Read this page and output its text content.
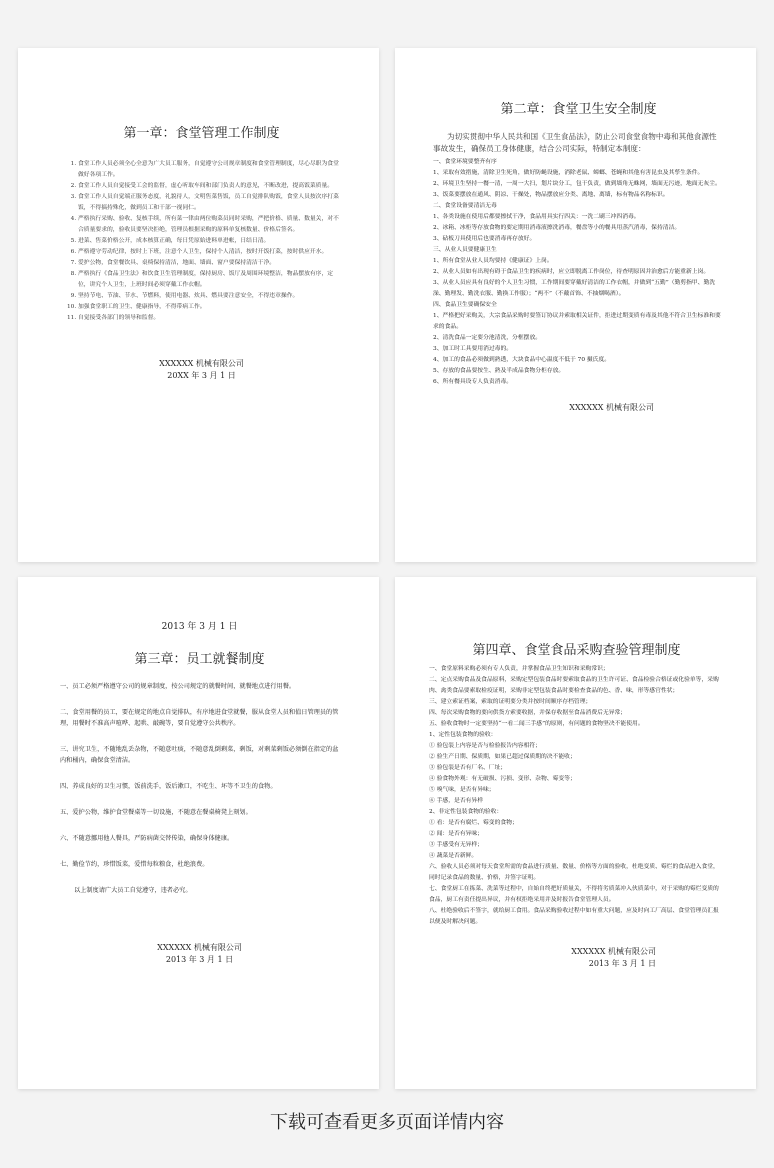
第一章：食堂管理工作制度
1. 食堂工作人员必须全心全意为广大员工服务，自觉遵守公司规章制度和食堂管理制度，尽心尽职为食堂做好各项工作。
2. 食堂工作人员自觉接受工会的监督，虚心听取车间和部门负责人的意见，不断改进，提高饭菜质量。
3. 食堂工作人员自觉端正服务态度，礼貌待人，文明售菜售饭，员工自觉排队购饭，食堂人员按次序打菜饭，不得搞持殊化，做到员工和干部一视同仁。
4. 严格执行采购、验收、复核手续，所有菜一律由两位购菜员同时采购，严把价格、质量、数量关，对不合质量要求的，验收员要坚决拒绝，管理员根据采购的原料单复核数量、价格后签名。
5. 进菜、售菜价格公开，成本核算正确，每日凭原始进料单进帐，日结日清。
6. 严格遵守劳动纪律，按时上下班，注意个人卫生，保持个人清洁，按时开饭打菜，按时供应开水。
7. 爱护公物，食堂餐饮具、桌椅保持清洁，地面、墙面、窗户要保持清洁干净。
8. 严格执行《食品卫生法》和饮食卫生管理制度，保持厨房、饭厅及周围环境整洁，物品摆放有序，定位，讲究个人卫生，上班时间必须穿戴工作衣帽。
9. 坚持节电、节油、节水、节燃料，使用电器、炊具、燃具要注意安全，不得违章操作。
10. 加强食堂职工的卫生、健康指导，不得带病工作。
11. 自觉接受各部门的领导和监督。
XXXXXX 机械有限公司
20XX 年 3 月 1 日
第二章：食堂卫生安全制度

为切实贯彻中华人民共和国《卫生食品法》，防止公司食堂食物中毒和其他食源性事故发生，确保员工身体健康，结合公司实际，特制定本制度：

一、食堂环境要整齐有序

1、采取有效措施，清除卫生死角，做好防蝇设施，消除老鼠、蟑螂、苍蝇和其他有害昆虫及其孳生条件。

2、环境卫生坚持一餐一清，一周一大扫，划片块分工，包干负责，做到墙角无蛛网，墙面无污迹，地面无灰尘。

3、饭菜要摆放在通风、阴凉、干燥处，物品摆放应分类、离地、离墙，标有物品名称标识。

二、食堂设备要清洁无毒

1、各类设施在使用后都要擦拭干净，食品用具实行四关：一洗二刷三冲四消毒。

2、冰箱、冰柜等存放食物的要定期用消毒液擦洗消毒，餐盘等小的餐具用蒸汽消毒，保持清洁。

3、砧板刀具使用后也要消毒再存放好。

三、从业人员要健康卫生

1、所有食堂从业人员均要持《健康证》上岗。

2、从业人员如有出现有碍于食品卫生的疾病时，应立即脱离工作岗位，待查明原因并治愈后方能重新上岗。

3、从业人员应具有良好的个人卫生习惯，工作期间要穿戴好清洁的工作衣帽，并做到“五勤”（勤剪指甲、勤洗澡、勤理发、勤洗衣服、勤换工作服）；“两不”（不戴首饰、不抽烟喝酒）。

四、食品卫生要确保安全

1、严格把好采购关，大宗食品采购时要签订协议并索取相关证件，拒进过期变质有毒及其他不符合卫生标准和要求的食品。

2、清洗食品一定要分池清洗，分框摆放。

3、加工时工具要用消过毒的。

4、加工的食品必须做到熟透，大块食品中心温度不低于 70 摄氏度。

5、存放的食品要按生、熟及半成品食物分柜存放。

6、所有餐具设专人负责消毒。

XXXXXX 机械有限公司

2013 年 3 月 1 日

第三章：员工就餐制度

一、员工必须严格遵守公司的规章制度，按公司规定的就餐时间，就餐地点进行用餐。

二、食堂用餐的员工，要在规定的地点自觉排队，有序地进食堂就餐，服从食堂人员和值日管理员的管理，用餐时不准高声喧哗、起哄、敲碗等，要自觉遵守公共秩序。

三、讲究卫生，不随地乱丢杂物，不随意吐痰，不随意乱倒剩菜，剩饭，对剩菜剩饭必须倒在指定的盆内和桶内，确保食堂清洁。

四、养成良好的卫生习惯，饭前洗手，饭后漱口，不吃生、坏等不卫生的食物。

五、爱护公物，维护食堂餐桌等一切设施，不随意在餐桌椅凳上刻划。

六、不随意挪用他人餐具，严防病菌交替传染，确保身体健康。

七、勤俭节约，珍惜饭菜，爱惜每粒粮食，杜绝浪费。

以上制度请广大员工自觉遵守，违者必究。

XXXXXX 机械有限公司
2013 年 3 月 1 日
第四章、食堂食品采购查验管理制度

一、食堂原料采购必须有专人负责，并掌握食品卫生知识和采购常识；

二、定点采购食品及食品原料，采购定型包装食品时要索取食品的卫生许可证、食品检验合格证或化验单等，采购肉、禽类食品要索取检疫证明，采购非定型包装食品时要检查食品的色、香、味，形等感官性状；

三、建立索证档案，索取的证明要分类并按时间顺序存档管理；

四、每次采购食物的要向供货方索要收据，并保存收据至食品消费后无异常；

五、验收食物时一定要坚持“一看二闻三手感”的原则，有问题的食物坚决不能使用。

1、定性包装食物的验收：

① 验包装上内容是否与检验报告内容相符；

② 验生产日期、保质期，如果已超过保质期的决不能收；

③ 验包装是否有厂名、厂址；

④ 验食物外观：有无破损、污损、变形、杂物、霉变等；

⑤ 嗅气味，是否有异味；

⑥ 手感，是否有异样

2、非定性包装食物的验收：

① 看：是否有腐烂、霉变的食物；

② 闻：是否有异味；

③ 手感受有无异样；

④ 蔬菜是否新鲜。

六、验收人员必须对每天食堂所需的食品进行质量、数量、价格等方面的验收，杜绝变质、霉烂的食品进入食堂，同时记录食品的数量、价格，并签字证明。

七、食堂厨工在拣菜、洗菜等过程中，自始自终把好质量关，不得将劣质菜冲入伙质菜中，对于采购的霉烂变质的食品，厨工有责任提出异议，并有权拒绝采用并及时报告食堂管理人员。

八、杜绝验收后不签字，就给厨工食用。食品采购验收过程中如有重大问题，应及时向工厂高层、食堂管理员汇报以便及时解决问题。

XXXXXX 机械有限公司
2013 年 3 月 1 日
下载可查看更多页面详情内容
